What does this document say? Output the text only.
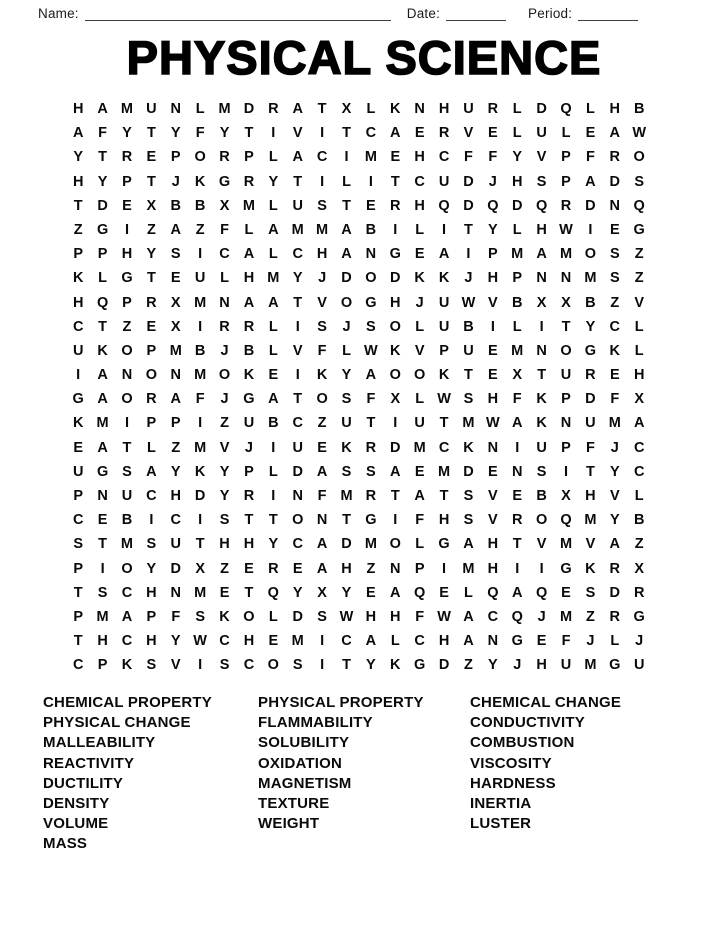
Name:	Date:	Period:
PHYSICAL SCIENCE
H A M U N	L M D R A	T	X	L	K N H U R	L	D Q L	H B
A	F	Y	T	Y	F	Y	T	I	V	I	T	C A E R V	E	L	U	L	E A W
Y	T	R E	P O R P	L	A C	I	M E H C	F	F	Y	V	P	F	R O
H Y	P	T	J	K G R Y	T	I	L	I	T	C U D	J	H S	P A D S
T	D E	X B B X M L	U S	T	E R H Q D Q D Q R D N Q
Z G	I	Z	A	Z	F	L	A M M A B	I	L	I	T	Y	L	H W	I	E G
P	P H Y	S	I	C A	L	C H A N G E A	I	P M A M O S	Z
K	L G T	E U	L	H M Y	J	D O D K K	J	H P N N M S	Z
H Q P R X M N A A	T	V O G H	J	U W V B X	X B	Z	V
C	T	Z	E	X	I	R R	L	I	S	J	S O L	U B	I	L	I	T	Y C	L
U K O P M B	J	B	L	V	F	L W K V	P U E M N O G K	L
I	A N O N M O K E	I	K Y A O O K	T	E	X	T	U R E H
G A O R A	F	J	G A	T O S	F	X	L W S H	F	K P D	F	X
K M	I	P	P	I	Z	U B C	Z	U	T	I	U	T M W A K N U M A
E A	T	L	Z M V	J	I	U E K R D M C K N	I	U P	F	J	C
U G S A Y K Y	P	L	D A S	S A E M D E N S	I	T	Y C
P N U C H D Y R	I	N	F M R	T	A	T	S	V	E B X H V	L
C E B	I	C	I	S	T	T O N	T G	I	F	H S	V R O Q M Y B
S	T M S U	T	H H Y C A D M O L G A H	T	V M V A	Z
P	I	O Y D X	Z	E R E A H	Z	N P	I	M H	I	I	G K R X
T	S C H N M E	T Q Y	X	Y	E A Q E	L Q A Q E	S D R
P M A P	F	S K O L	D S W H H	F W A C Q	J M Z	R G
T	H C H Y W C H E M	I	C A	L	C H A N G E	F	J	L	J
C P K S	V	I	S C O S	I	T	Y K G D	Z	Y	J	H U M G U
CHEMICAL PROPERTY
PHYSICAL CHANGE
MALLEABILITY
REACTIVITY
DUCTILITY
DENSITY
VOLUME
MASS
PHYSICAL PROPERTY
FLAMMABILITY
SOLUBILITY
OXIDATION
MAGNETISM
TEXTURE
WEIGHT
CHEMICAL CHANGE
CONDUCTIVITY
COMBUSTION
VISCOSITY
HARDNESS
INERTIA
LUSTER
